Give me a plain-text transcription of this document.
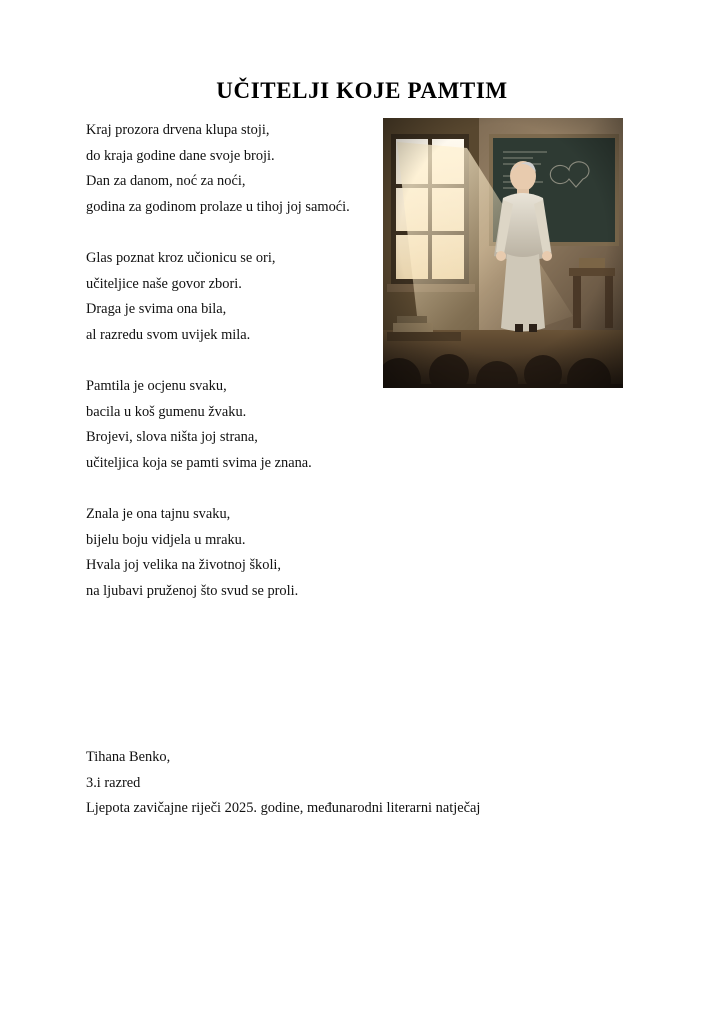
UČITELJI KOJE PAMTIM
Kraj prozora drvena klupa stoji,
do kraja godine dane svoje broji.
Dan za danom, noć za noći,
godina za godinom prolaze u tihoj joj samoći.
Glas poznat kroz učionicu se ori,
učiteljice naše govor zbori.
Draga je svima ona bila,
al razredu svom uvijek mila.
Pamtila je ocjenu svaku,
bacila u koš gumenu žvaku.
Brojevi, slova ništa joj strana,
učiteljica koja se pamti svima je znana.
Znala je ona tajnu svaku,
bijelu boju vidjela u mraku.
Hvala joj velika na životnoj školi,
na ljubavi pruženoj što svud se proli.
Tihana Benko,
3.i razred
Ljepota zavičajne riječi 2025. godine, međunarodni literarni natječaj
